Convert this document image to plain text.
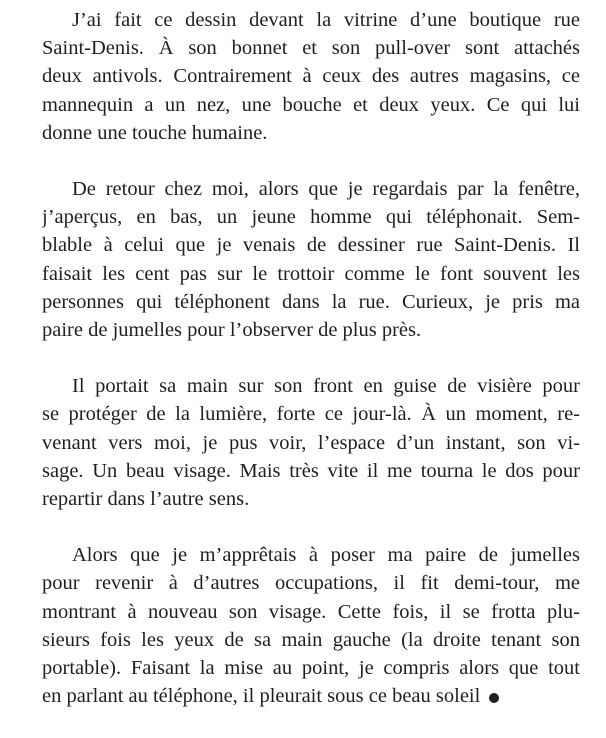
J’ai fait ce dessin devant la vitrine d’une boutique rue
Saint-Denis. À son bonnet et son pull-over sont attachés
deux antivols. Contrairement à ceux des autres magasins, ce
mannequin a un nez, une bouche et deux yeux. Ce qui lui
donne une touche humaine.

De retour chez moi, alors que je regardais par la fenêtre,
j’aperçus, en bas, un jeune homme qui téléphonait. Sem-
blable à celui que je venais de dessiner rue Saint-Denis. Il
faisait les cent pas sur le trottoir comme le font souvent les
personnes qui téléphonent dans la rue. Curieux, je pris ma
paire de jumelles pour l’observer de plus près.

Il portait sa main sur son front en guise de visière pour
se protéger de la lumière, forte ce jour-là. À un moment, re-
venant vers moi, je pus voir, l’espace d’un instant, son vi-
sage. Un beau visage. Mais très vite il me tourna le dos pour
repartir dans l’autre sens.

Alors que je m’apprêtais à poser ma paire de jumelles
pour revenir à d’autres occupations, il fit demi-tour, me
montrant à nouveau son visage. Cette fois, il se frotta plu-
sieurs fois les yeux de sa main gauche (la droite tenant son
portable). Faisant la mise au point, je compris alors que tout
en parlant au téléphone, il pleurait sous ce beau soleil
